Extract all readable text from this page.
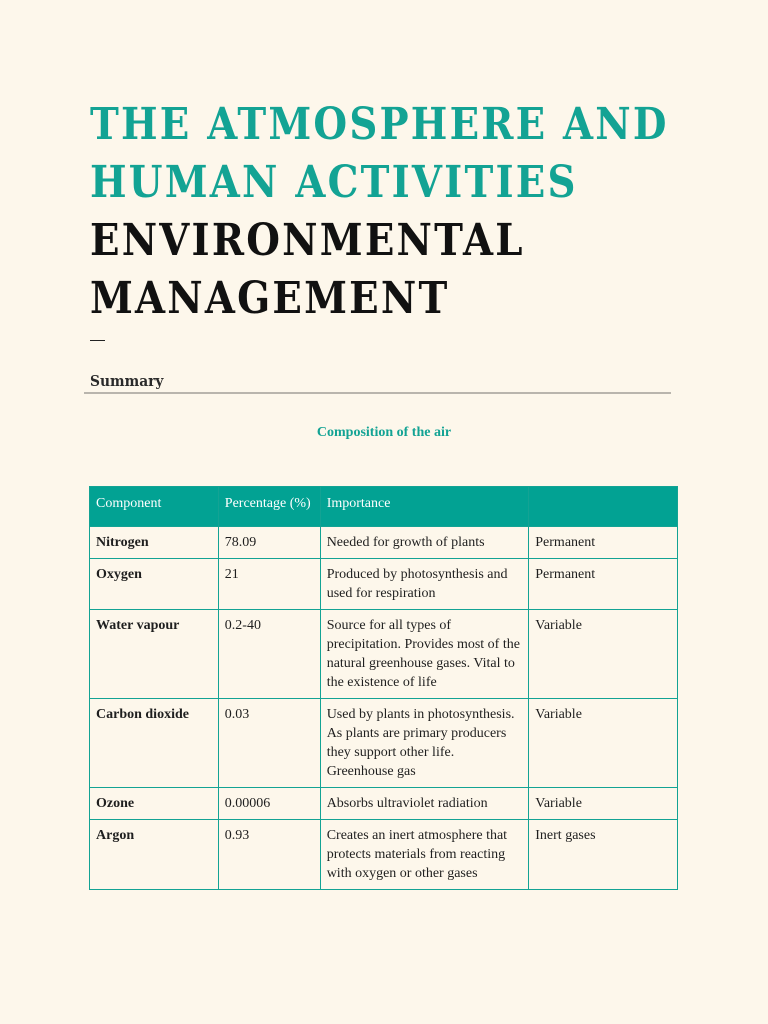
THE ATMOSPHERE AND
HUMAN ACTIVITIES
ENVIRONMENTAL
MANAGEMENT
Summary
Composition of the air
Component	Percentage (%)	Importance	
Nitrogen	78.09	Needed for growth of plants	Permanent
Oxygen	21	Produced by photosynthesis and used for respiration	Permanent
Water vapour	0.2-40	Source for all types of precipitation. Provides most of the natural greenhouse gases. Vital to the existence of life	Variable
Carbon dioxide	0.03	Used by plants in photosynthesis. As plants are primary producers they support other life. Greenhouse gas	Variable
Ozone	0.00006	Absorbs ultraviolet radiation	Variable
Argon	0.93	Creates an inert atmosphere that protects materials from reacting with oxygen or other gases	Inert gases
